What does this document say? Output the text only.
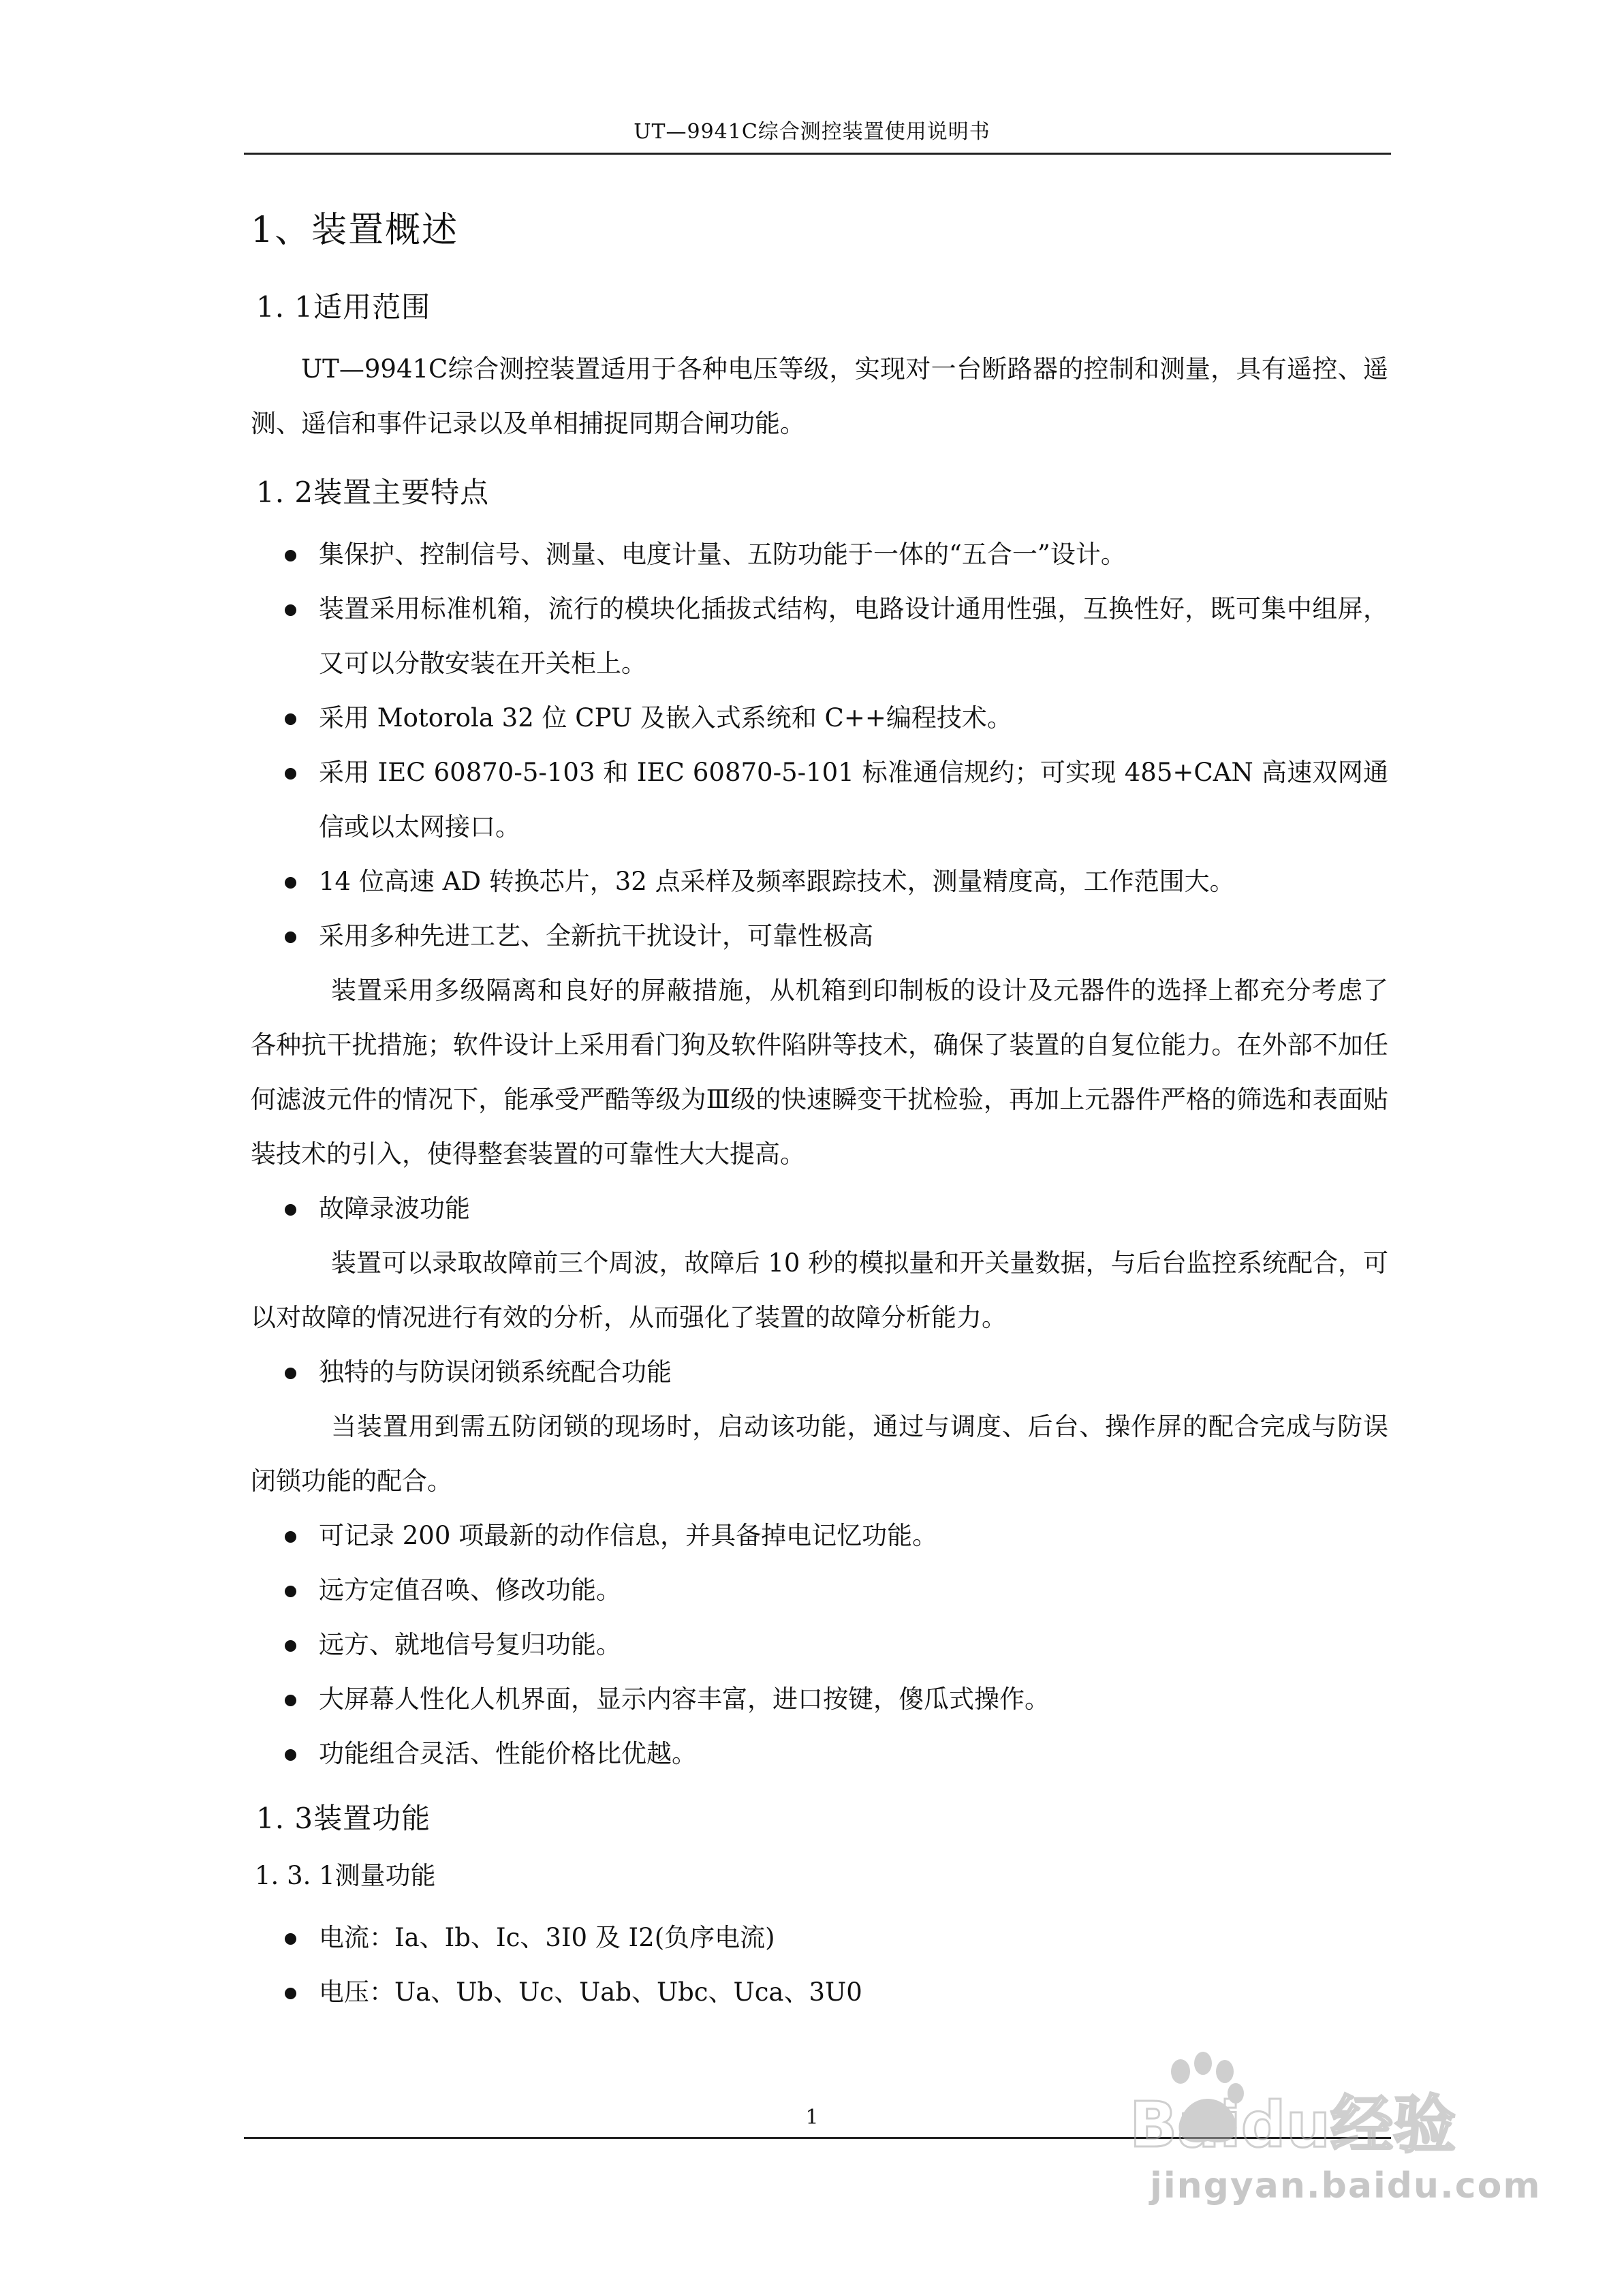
UT—9941C综合测控装置使用说明书
1、装置概述
1. 1适用范围

UT—9941C综合测控装置适用于各种电压等级，实现对一台断路器的控制和测量，具有遥控、遥测、遥信和事件记录以及单相捕捉同期合闸功能。

1. 2装置主要特点
集保护、控制信号、测量、电度计量、五防功能于一体的“五合一”设计。
装置采用标准机箱，流行的模块化插拔式结构，电路设计通用性强，互换性好，既可集中组屏，又可以分散安装在开关柜上。
采用 Motorola 32 位 CPU 及嵌入式系统和 C++编程技术。
采用 IEC 60870-5-103 和 IEC 60870-5-101 标准通信规约；可实现 485+CAN 高速双网通信或以太网接口。
14 位高速 AD 转换芯片，32 点采样及频率跟踪技术，测量精度高，工作范围大。
采用多种先进工艺、全新抗干扰设计，可靠性极高

装置采用多级隔离和良好的屏蔽措施，从机箱到印制板的设计及元器件的选择上都充分考虑了各种抗干扰措施；软件设计上采用看门狗及软件陷阱等技术，确保了装置的自复位能力。在外部不加任何滤波元件的情况下，能承受严酷等级为Ⅲ级的快速瞬变干扰检验，再加上元器件严格的筛选和表面贴装技术的引入，使得整套装置的可靠性大大提高。

故障录波功能

装置可以录取故障前三个周波，故障后 10 秒的模拟量和开关量数据，与后台监控系统配合，可以对故障的情况进行有效的分析，从而强化了装置的故障分析能力。

独特的与防误闭锁系统配合功能

当装置用到需五防闭锁的现场时，启动该功能，通过与调度、后台、操作屏的配合完成与防误闭锁功能的配合。

可记录 200 项最新的动作信息，并具备掉电记忆功能。
远方定值召唤、修改功能。
远方、就地信号复归功能。
大屏幕人性化人机界面，显示内容丰富，进口按键，傻瓜式操作。
功能组合灵活、性能价格比优越。
1. 3装置功能
1. 3. 1测量功能
电流：Ia、Ib、Ic、3I0 及 I2(负序电流)
电压：Ua、Ub、Uc、Uab、Ubc、Uca、3U0
1	Baidu经验
jingyan.baidu.com
